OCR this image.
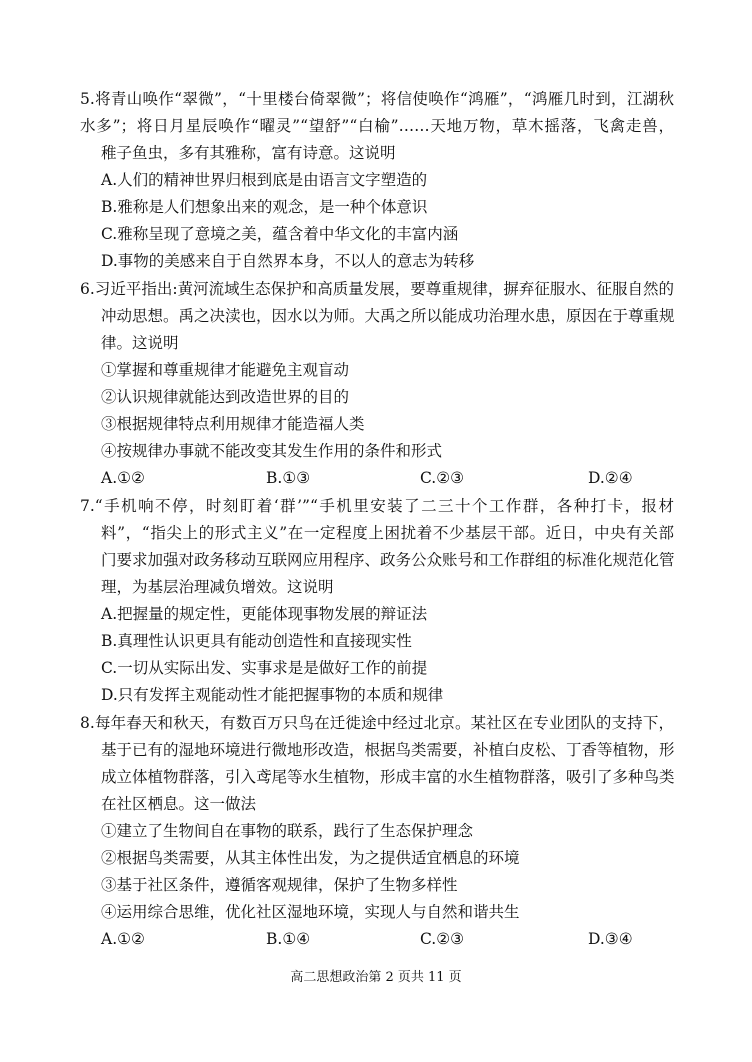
5.将青山唤作“翠微”，“十里楼台倚翠微”；将信使唤作“鸿雁”，“鸿雁几时到，江湖秋
水多”；将日月星辰唤作“曜灵”“望舒”“白榆”……天地万物，草木摇落，飞禽走兽，
稚子鱼虫，多有其雅称，富有诗意。这说明
A.人们的精神世界归根到底是由语言文字塑造的
B.雅称是人们想象出来的观念，是一种个体意识
C.雅称呈现了意境之美，蕴含着中华文化的丰富内涵
D.事物的美感来自于自然界本身，不以人的意志为转移
6.习近平指出:黄河流域生态保护和高质量发展，要尊重规律，摒弃征服水、征服自然的
冲动思想。禹之决渎也，因水以为师。大禹之所以能成功治理水患，原因在于尊重规
律。这说明
①掌握和尊重规律才能避免主观盲动
②认识规律就能达到改造世界的目的
③根据规律特点利用规律才能造福人类
④按规律办事就不能改变其发生作用的条件和形式
A.①②	B.①③	C.②③	D.②④
7.“手机响不停，时刻盯着‘群’”“手机里安装了二三十个工作群，各种打卡，报材
料”，“指尖上的形式主义”在一定程度上困扰着不少基层干部。近日，中央有关部
门要求加强对政务移动互联网应用程序、政务公众账号和工作群组的标准化规范化管
理，为基层治理减负增效。这说明
A.把握量的规定性，更能体现事物发展的辩证法
B.真理性认识更具有能动创造性和直接现实性
C.一切从实际出发、实事求是是做好工作的前提
D.只有发挥主观能动性才能把握事物的本质和规律
8.每年春天和秋天，有数百万只鸟在迁徙途中经过北京。某社区在专业团队的支持下，
基于已有的湿地环境进行微地形改造，根据鸟类需要，补植白皮松、丁香等植物，形
成立体植物群落，引入鸢尾等水生植物，形成丰富的水生植物群落，吸引了多种鸟类
在社区栖息。这一做法
①建立了生物间自在事物的联系，践行了生态保护理念
②根据鸟类需要，从其主体性出发，为之提供适宜栖息的环境
③基于社区条件，遵循客观规律，保护了生物多样性
④运用综合思维，优化社区湿地环境，实现人与自然和谐共生
A.①②	B.①④	C.②③	D.③④
高二思想政治第 2 页共 11 页
